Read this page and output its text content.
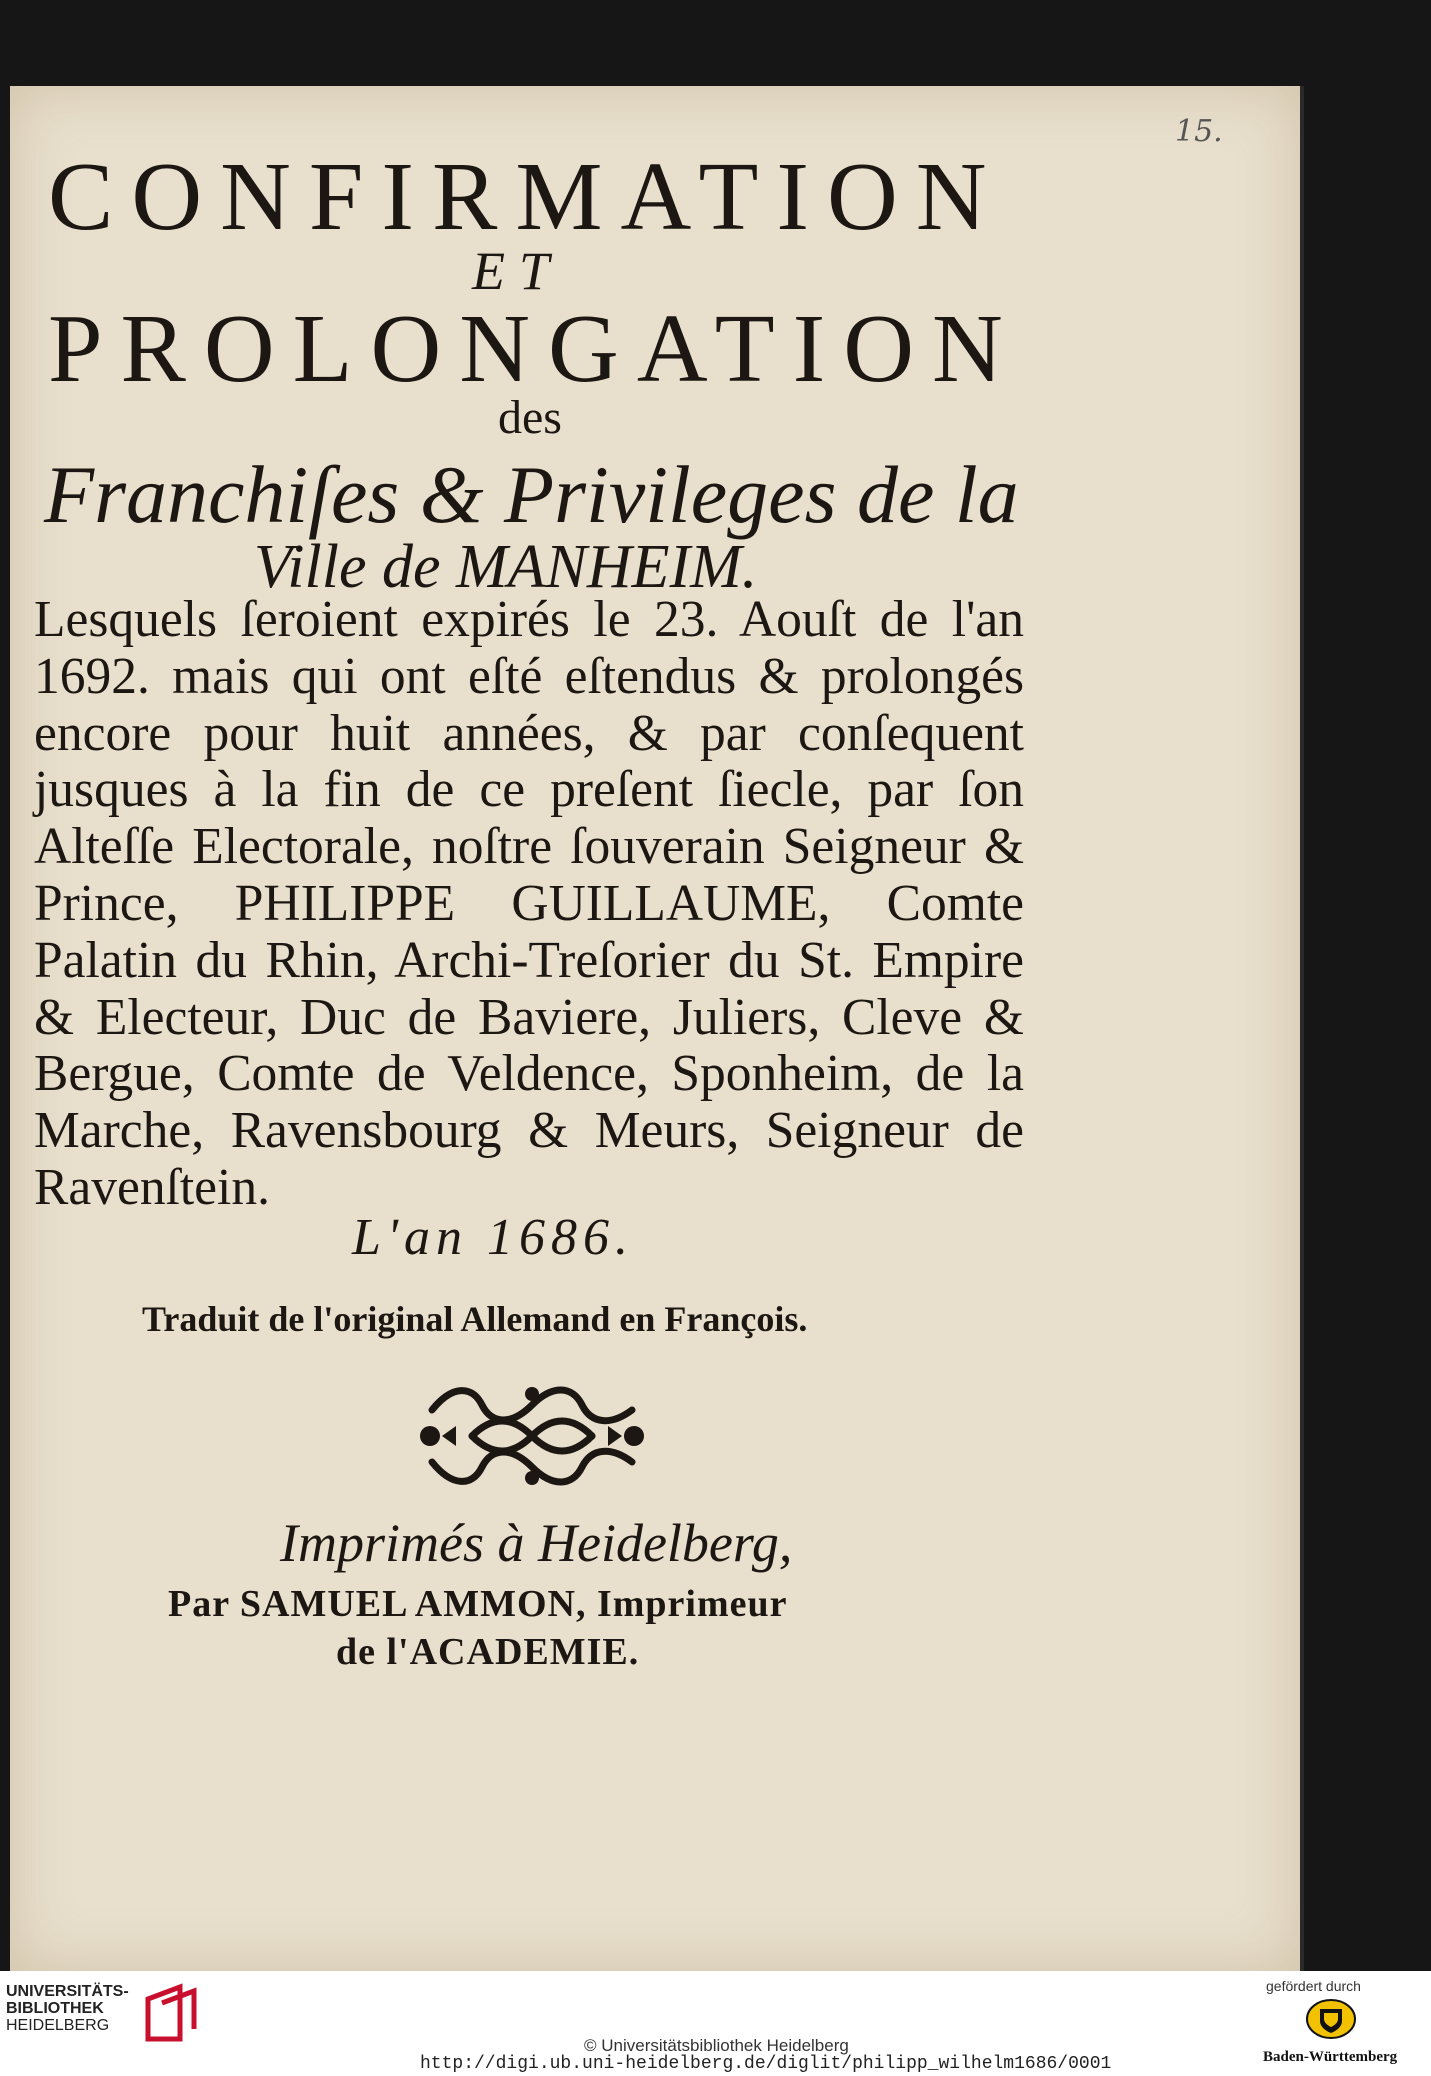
15.
CONFIRMATION
ET
PROLONGATION
des
Franchiſes & Privileges de la
Ville de MANHEIM.

Lesquels ſeroient expirés le 23. Aouſt de l'an 1692. mais qui ont eſté eſtendus & prolongés encore pour huit années, & par conſequent jusques à la fin de ce preſent ſiecle, par ſon Alteſſe Electorale, noſtre ſouverain Seigneur & Prince, PHILIPPE GUILLAUME, Comte Palatin du Rhin, Archi-Treſorier du St. Empire & Electeur, Duc de Baviere, Juliers, Cleve & Bergue, Comte de Veldence, Sponheim, de la Marche, Ravensbourg & Meurs, Seigneur de Ravenſtein.

L'an 1686.
Traduit de l'original Allemand en François.
Imprimés à Heidelberg,
Par SAMUEL AMMON, Imprimeur
de l'ACADEMIE.
UNIVERSITÄTS-
BIBLIOTHEK
HEIDELBERG
© Universitätsbibliothek Heidelberg
http://digi.ub.uni-heidelberg.de/diglit/philipp_wilhelm1686/0001
gefördert durch
Baden-Württemberg
